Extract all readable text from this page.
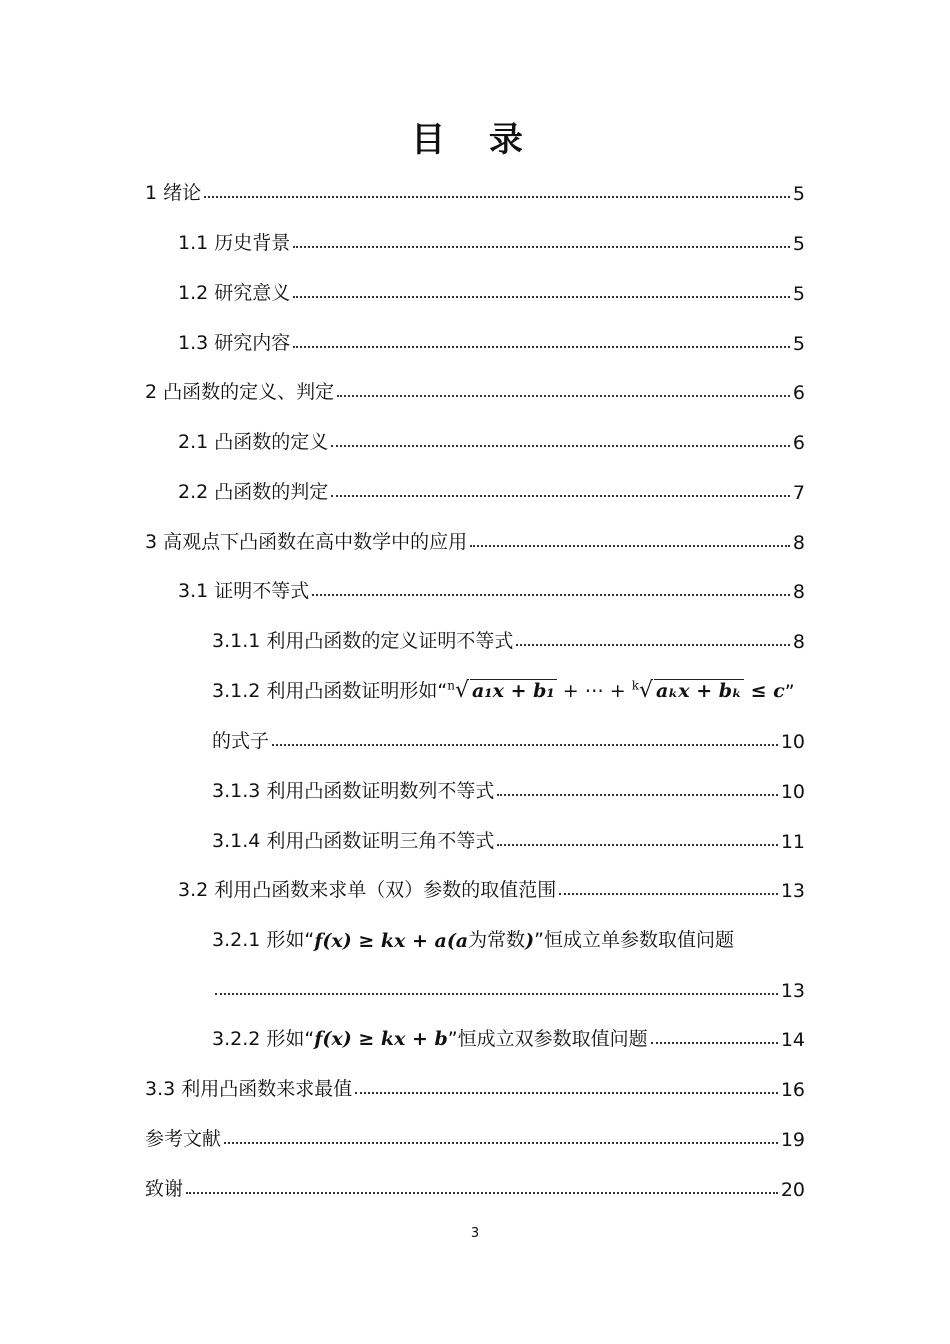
目 录
1 绪论	5
1.1 历史背景	5
1.2 研究意义	5
1.3 研究内容	5
2 凸函数的定义、判定	6
2.1 凸函数的定义	6
2.2 凸函数的判定	7
3 高观点下凸函数在高中数学中的应用	8
3.1 证明不等式	8
3.1.1 利用凸函数的定义证明不等式	8
3.1.2 利用凸函数证明形如“ $^n$√ a₁x + b₁ + ⋯ + $^k$√ aₖx + bₖ ≤ c ”
的式子	10
3.1.3 利用凸函数证明数列不等式	10
3.1.4 利用凸函数证明三角不等式	11
3.2 利用凸函数来求单（双）参数的取值范围	13
3.2.1 形如“ f(x) ≥ kx + a(a 为常数 ) ”恒成立单参数取值问题
13
3.2.2 形如“f(x) ≥ kx + b”恒成立双参数取值问题	14
3.3 利用凸函数来求最值	16
参考文献	19
致谢	20
3
